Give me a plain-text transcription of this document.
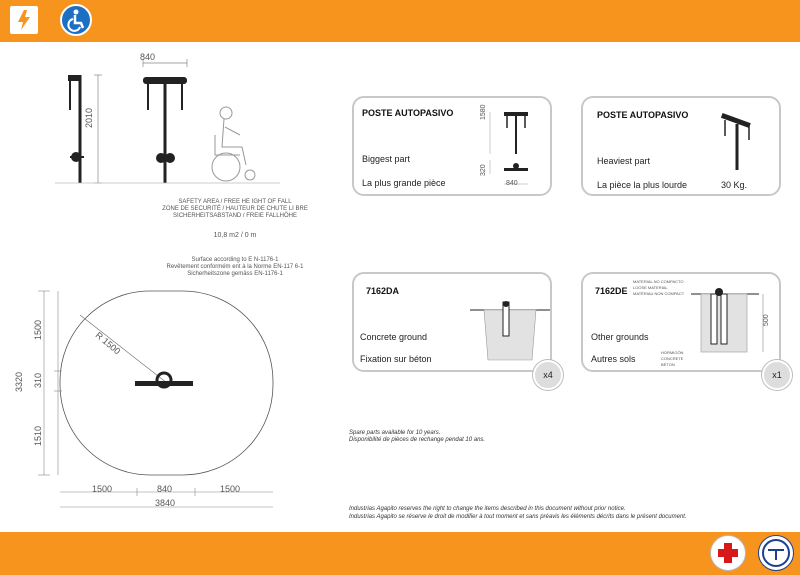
840
2010
SAFETY AREA / FREE HE IGHT OF FALL
ZONE DE SECURITÉ / HAUTEUR DE CHUTE LI BRE
SICHERHEITSABSTAND / FREIE FALLHÖHE
10,8 m2 / 0 m
Surface according to E N-1176-1
Revêtement conformém ent à la Norme EN-117 6-1
Sicherheitszone gemäss EN-1176-1
R 1500
1500
310
1510
3320
1500	840	1500
3840
POSTE AUTOPASIVO
Biggest part
La plus grande pièce
1580
320
840
POSTE AUTOPASIVO
Heaviest part
La pièce la plus lourde	30 Kg.
7162DA
Concrete ground
Fixation sur béton
x4
7162DE
Other grounds
Autres sols
MATERIAL NO COMPACTO
LOOSE MATERIAL
MATÉRIAU NON COMPACT
HORMIGÓN
CONCRETE
BÉTON
500
x1
Spare parts available for 10 years.
Disponibilité de pièces de rechange pendat 10 ans.
Industrias Agapito reserves the right to change the items described in this document without prior notice.
Industrias Agapito se réserve le droit de modifier à tout moment et sans préavis les éléments décrits dans le présent document.
